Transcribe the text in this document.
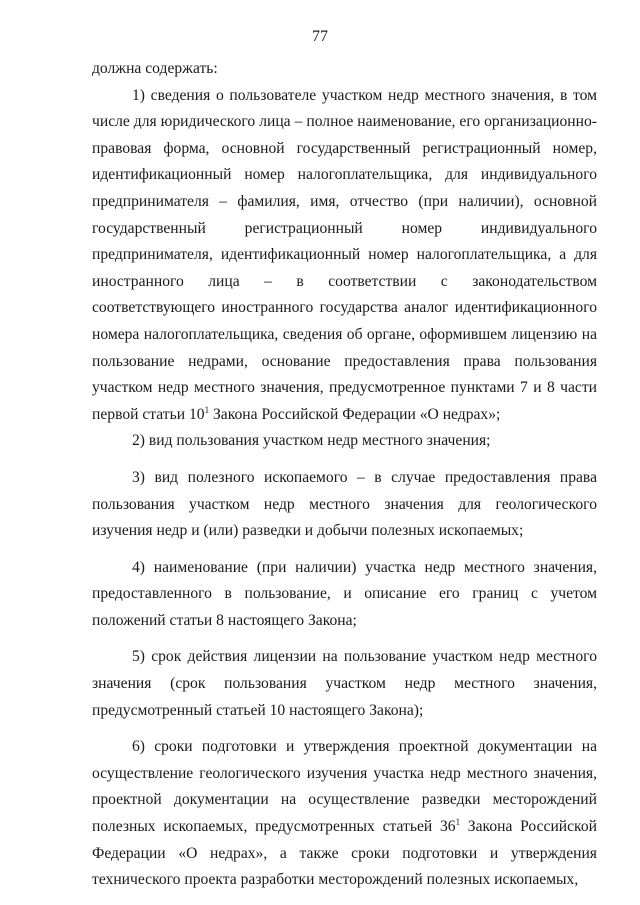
77

должна содержать:

1) сведения о пользователе участком недр местного значения, в том числе для юридического лица – полное наименование, его организационно-правовая форма, основной государственный регистрационный номер, идентификационный номер налогоплательщика, для индивидуального предпринимателя – фамилия, имя, отчество (при наличии), основной государственный регистрационный номер индивидуального предпринимателя, идентификационный номер налогоплательщика, а для иностранного лица – в соответствии с законодательством соответствующего иностранного государства аналог идентификационного номера налогоплательщика, сведения об органе, оформившем лицензию на пользование недрами, основание предоставления права пользования участком недр местного значения, предусмотренное пунктами 7 и 8 части первой статьи $10^1$ Закона Российской Федерации «О недрах»;

2) вид пользования участком недр местного значения;

3) вид полезного ископаемого – в случае предоставления права пользования участком недр местного значения для геологического изучения недр и (или) разведки и добычи полезных ископаемых;

4) наименование (при наличии) участка недр местного значения, предоставленного в пользование, и описание его границ с учетом положений статьи 8 настоящего Закона;

5) срок действия лицензии на пользование участком недр местного значения (срок пользования участком недр местного значения, предусмотренный статьей 10 настоящего Закона);

6) сроки подготовки и утверждения проектной документации на осуществление геологического изучения участка недр местного значения, проектной документации на осуществление разведки месторождений полезных ископаемых, предусмотренных статьей $36^1$ Закона Российской Федерации «О недрах», а также сроки подготовки и утверждения технического проекта разработки месторождений полезных ископаемых,
